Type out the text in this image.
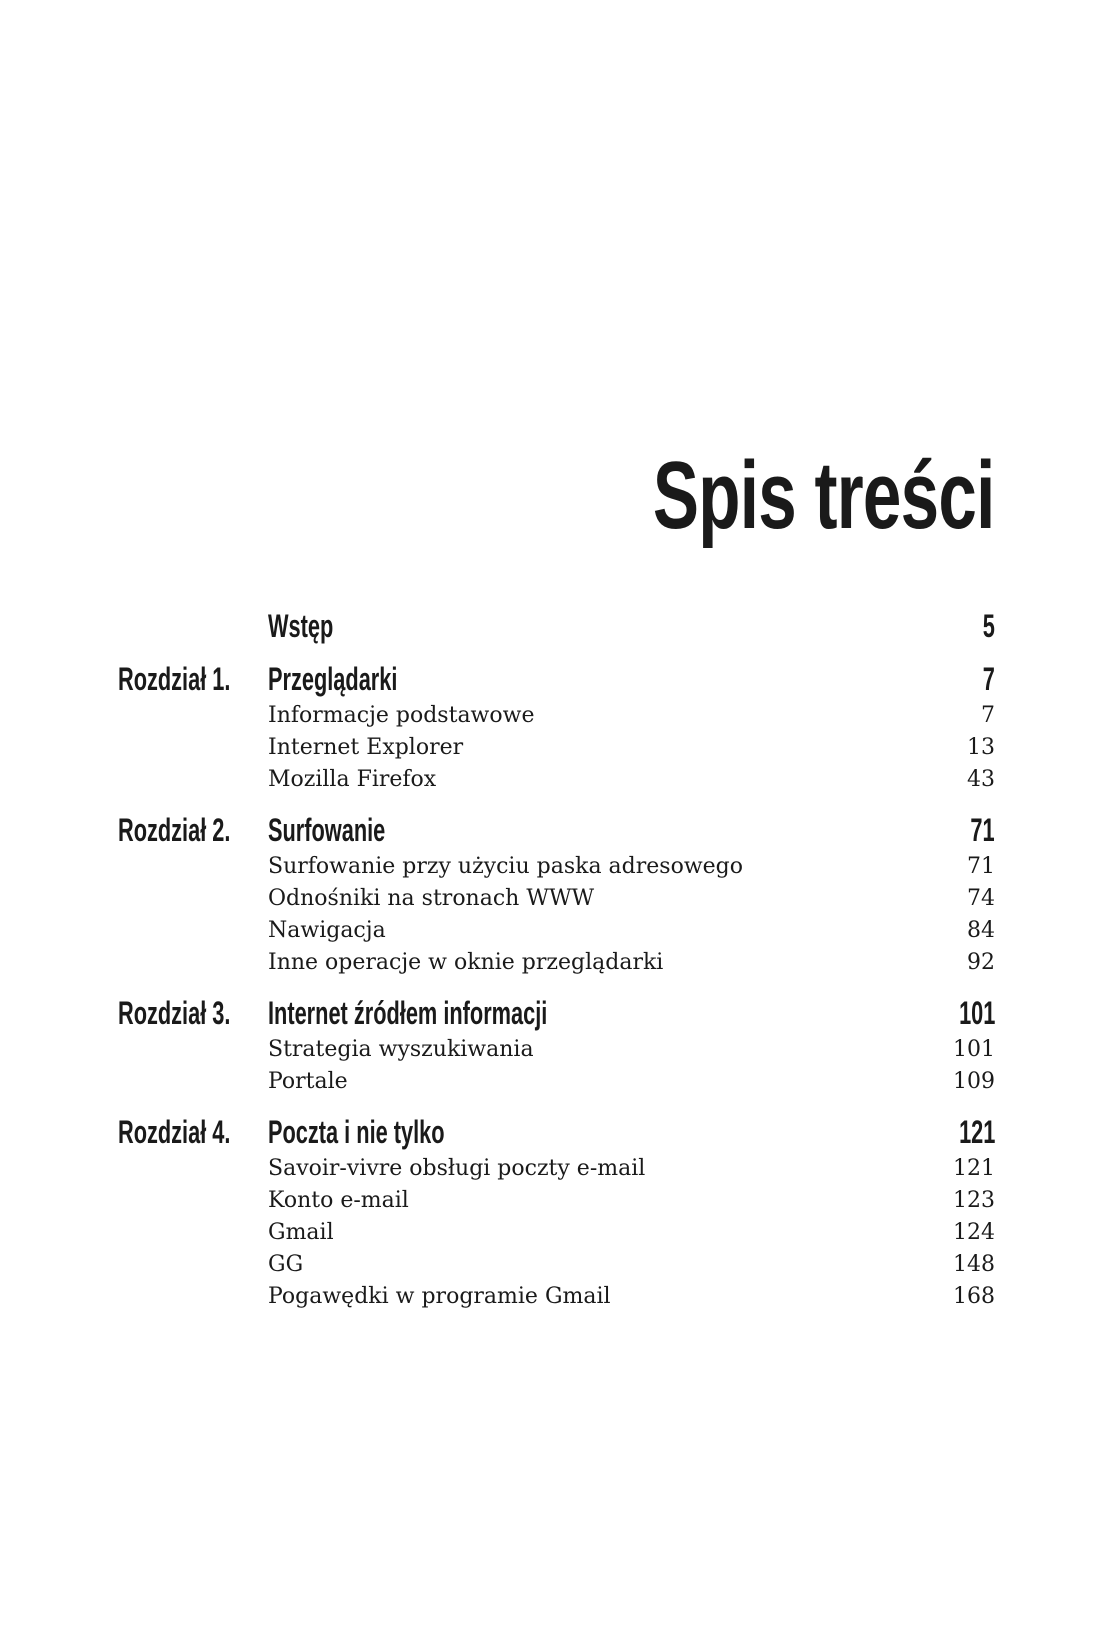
Spis treści
Wstęp	5
Rozdział 1. Przeglądarki	7
Informacje podstawowe	7
Internet Explorer	13
Mozilla Firefox	43
Rozdział 2. Surfowanie	71
Surfowanie przy użyciu paska adresowego	71
Odnośniki na stronach WWW	74
Nawigacja	84
Inne operacje w oknie przeglądarki	92
Rozdział 3. Internet źródłem informacji	101
Strategia wyszukiwania	101
Portale	109
Rozdział 4. Poczta i nie tylko	121
Savoir-vivre obsługi poczty e-mail	121
Konto e-mail	123
Gmail	124
GG	148
Pogawędki w programie Gmail	168
